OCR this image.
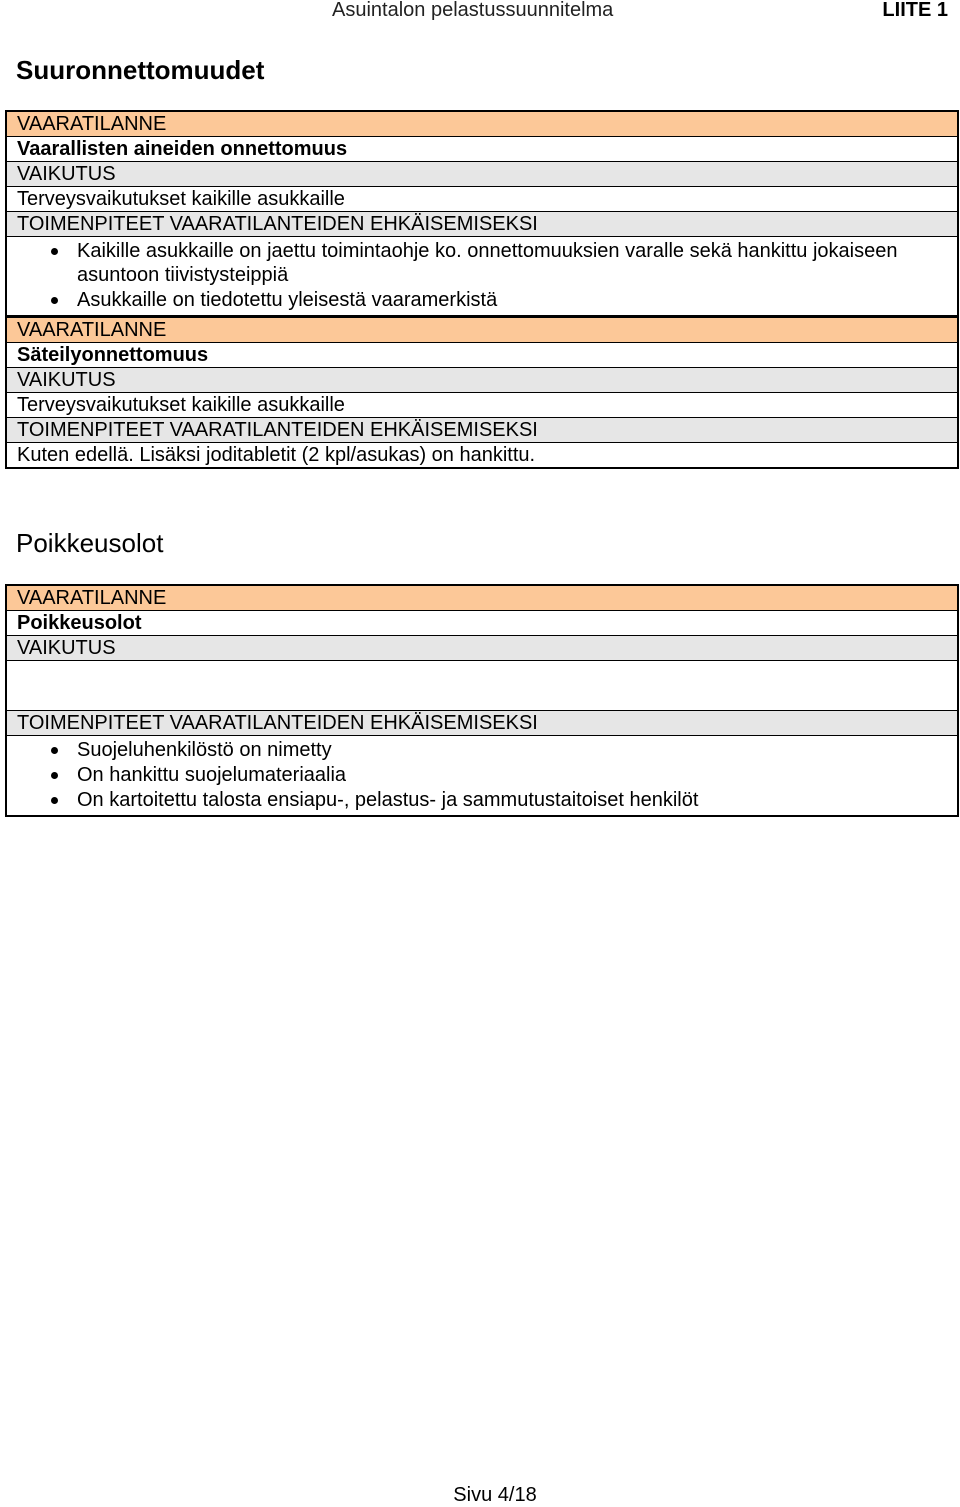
Asuintalon pelastussuunnitelma	LIITE 1
Suuronnettomuudet
VAARATILANNE
Vaarallisten aineiden onnettomuus
VAIKUTUS
Terveysvaikutukset kaikille asukkaille
TOIMENPITEET VAARATILANTEIDEN EHKÄISEMISEKSI
Kaikille asukkaille on jaettu toimintaohje ko. onnettomuuksien varalle sekä hankittu jokaiseen asuntoon tiivistysteippiä
Asukkaille on tiedotettu yleisestä vaaramerkistä
VAARATILANNE
Säteilyonnettomuus
VAIKUTUS
Terveysvaikutukset kaikille asukkaille
TOIMENPITEET VAARATILANTEIDEN EHKÄISEMISEKSI
Kuten edellä. Lisäksi joditabletit (2 kpl/asukas) on hankittu.
Poikkeusolot
VAARATILANNE
Poikkeusolot
VAIKUTUS
TOIMENPITEET VAARATILANTEIDEN EHKÄISEMISEKSI
Suojeluhenkilöstö on nimetty
On hankittu suojelumateriaalia
On kartoitettu talosta ensiapu-, pelastus- ja sammutustaitoiset henkilöt
Sivu 4/18
